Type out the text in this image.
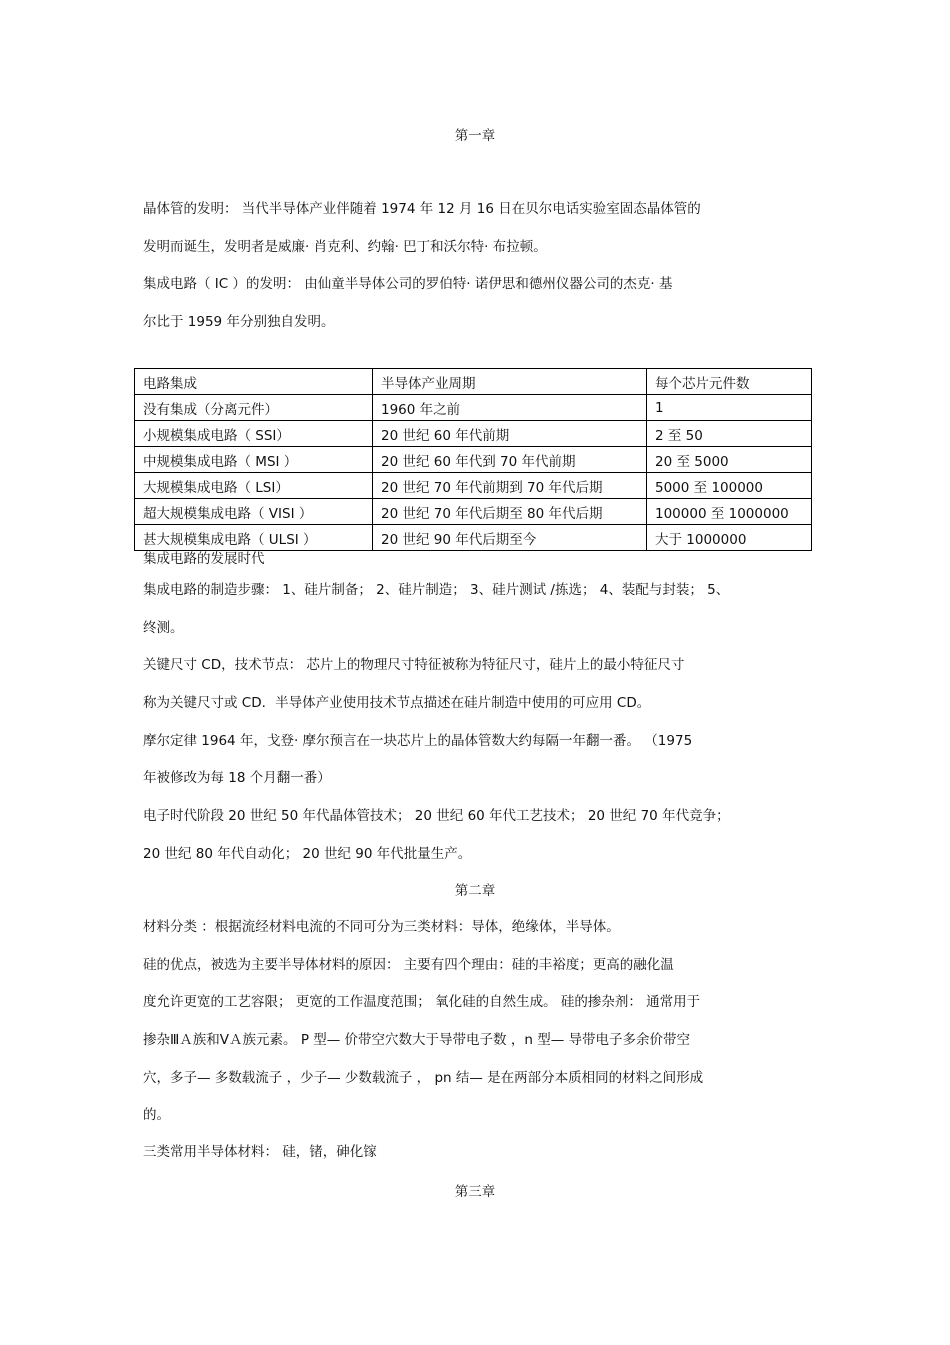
第一章
晶体管的发明： 当代半导体产业伴随着 1974 年 12 月 16 日在贝尔电话实验室固态晶体管的
发明而诞生，发明者是威廉· 肖克利、约翰· 巴丁和沃尔特· 布拉顿。
集成电路（ IC ）的发明： 由仙童半导体公司的罗伯特· 诺伊思和德州仪器公司的杰克· 基
尔比于 1959 年分别独自发明。
电路集成	半导体产业周期	每个芯片元件数
没有集成（分离元件）	1960 年之前	1
小规模集成电路（ SSI）	20 世纪 60 年代前期	2 至 50
中规模集成电路（ MSI ）	20 世纪 60 年代到 70 年代前期	20 至 5000
大规模集成电路（ LSI）	20 世纪 70 年代前期到 70 年代后期	5000 至 100000
超大规模集成电路（ VISI ）	20 世纪 70 年代后期至 80 年代后期	100000 至 1000000
甚大规模集成电路（ ULSI ）	20 世纪 90 年代后期至今	大于 1000000
集成电路的发展时代
集成电路的制造步骤： 1、硅片制备； 2、硅片制造； 3、硅片测试 /拣选； 4、装配与封装； 5、
终测。
关键尺寸 CD，技术节点： 芯片上的物理尺寸特征被称为特征尺寸，硅片上的最小特征尺寸
称为关键尺寸或 CD．半导体产业使用技术节点描述在硅片制造中使用的可应用 CD。
摩尔定律 1964 年，戈登· 摩尔预言在一块芯片上的晶体管数大约每隔一年翻一番。 （1975
年被修改为每 18 个月翻一番）
电子时代阶段 20 世纪 50 年代晶体管技术； 20 世纪 60 年代工艺技术； 20 世纪 70 年代竞争；
20 世纪 80 年代自动化； 20 世纪 90 年代批量生产。
第二章
材料分类 ：根据流经材料电流的不同可分为三类材料：导体，绝缘体，半导体。
硅的优点，被选为主要半导体材料的原因： 主要有四个理由：硅的丰裕度；更高的融化温
度允许更宽的工艺容限； 更宽的工作温度范围； 氧化硅的自然生成。 硅的掺杂剂： 通常用于
掺杂ⅢＡ族和ⅤＡ族元素。 P 型— 价带空穴数大于导带电子数 ，n 型— 导带电子多余价带空
穴，多子— 多数载流子 ，少子— 少数载流子 ， pn 结— 是在两部分本质相同的材料之间形成
的。
三类常用半导体材料： 硅，锗，砷化镓
第三章
